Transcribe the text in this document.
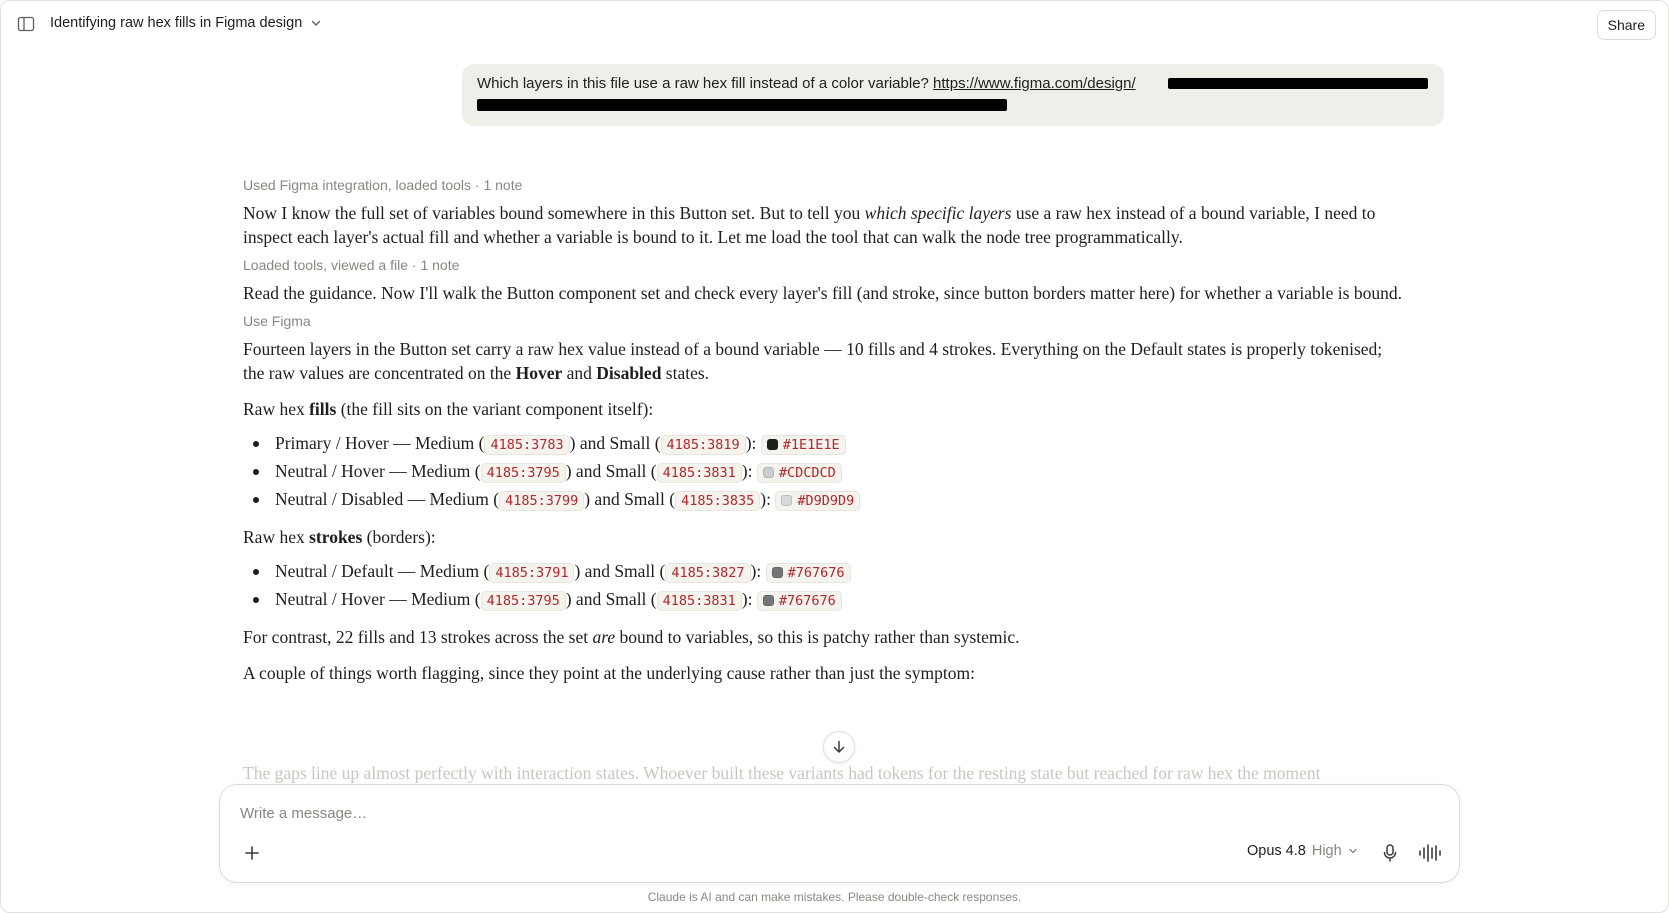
Identifying raw hex fills in Figma design	Share
Which layers in this file use a raw hex fill instead of a color variable? https://www.figma.com/design/
Used Figma integration, loaded tools · 1 note

Now I know the full set of variables bound somewhere in this Button set. But to tell you which specific layers use a raw hex instead of a bound variable, I need to inspect each layer's actual fill and whether a variable is bound to it. Let me load the tool that can walk the node tree programmatically.

Loaded tools, viewed a file · 1 note

Read the guidance. Now I'll walk the Button component set and check every layer's fill (and stroke, since button borders matter here) for whether a variable is bound.

Use Figma

Fourteen layers in the Button set carry a raw hex value instead of a bound variable — 10 fills and 4 strokes. Everything on the Default states is properly tokenised; the raw values are concentrated on the Hover and Disabled states.

Raw hex fills (the fill sits on the variant component itself):

Primary / Hover — Medium ( 4185:3783 ) and Small ( 4185:3819 ): #1E1E1E
Neutral / Hover — Medium ( 4185:3795 ) and Small ( 4185:3831 ): #CDCDCD
Neutral / Disabled — Medium ( 4185:3799 ) and Small ( 4185:3835 ): #D9D9D9

Raw hex strokes (borders):

Neutral / Default — Medium ( 4185:3791 ) and Small ( 4185:3827 ): #767676
Neutral / Hover — Medium ( 4185:3795 ) and Small ( 4185:3831 ): #767676

For contrast, 22 fills and 13 strokes across the set are bound to variables, so this is patchy rather than systemic.

A couple of things worth flagging, since they point at the underlying cause rather than just the symptom:

The gaps line up almost perfectly with interaction states. Whoever built these variants had tokens for the resting state but reached for raw hex the moment
Write a message…
Opus 4.8 High
Claude is AI and can make mistakes. Please double-check responses.
